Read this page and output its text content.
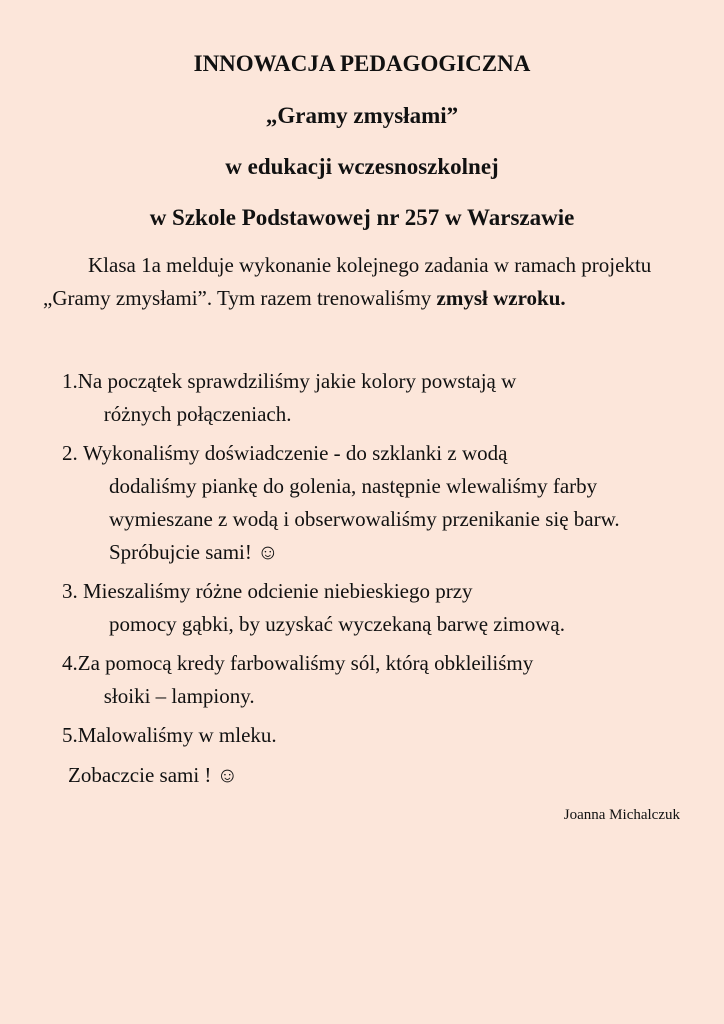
INNOWACJA PEDAGOGICZNA
„Gramy zmysłami”
w edukacji wczesnoszkolnej
w Szkole Podstawowej nr 257 w Warszawie

Klasa 1a melduje wykonanie kolejnego zadania w ramach projektu „Gramy zmysłami”. Tym razem trenowaliśmy zmysł wzroku.

1. Na początek sprawdziliśmy jakie kolory powstają w
różnych połączeniach.
2. Wykonaliśmy doświadczenie - do szklanki z wodą
dodaliśmy piankę do golenia, następnie wlewaliśmy farby wymieszane z wodą i obserwowaliśmy przenikanie się barw. Spróbujcie sami! ☺
3. Mieszaliśmy różne odcienie niebieskiego przy
pomocy gąbki, by uzyskać wyczekaną barwę zimową.
4. Za pomocą kredy farbowaliśmy sól, którą obkleiliśmy
słoiki – lampiony.
5. Malowaliśmy w mleku.

Zobaczcie sami ! ☺

Joanna Michalczuk
